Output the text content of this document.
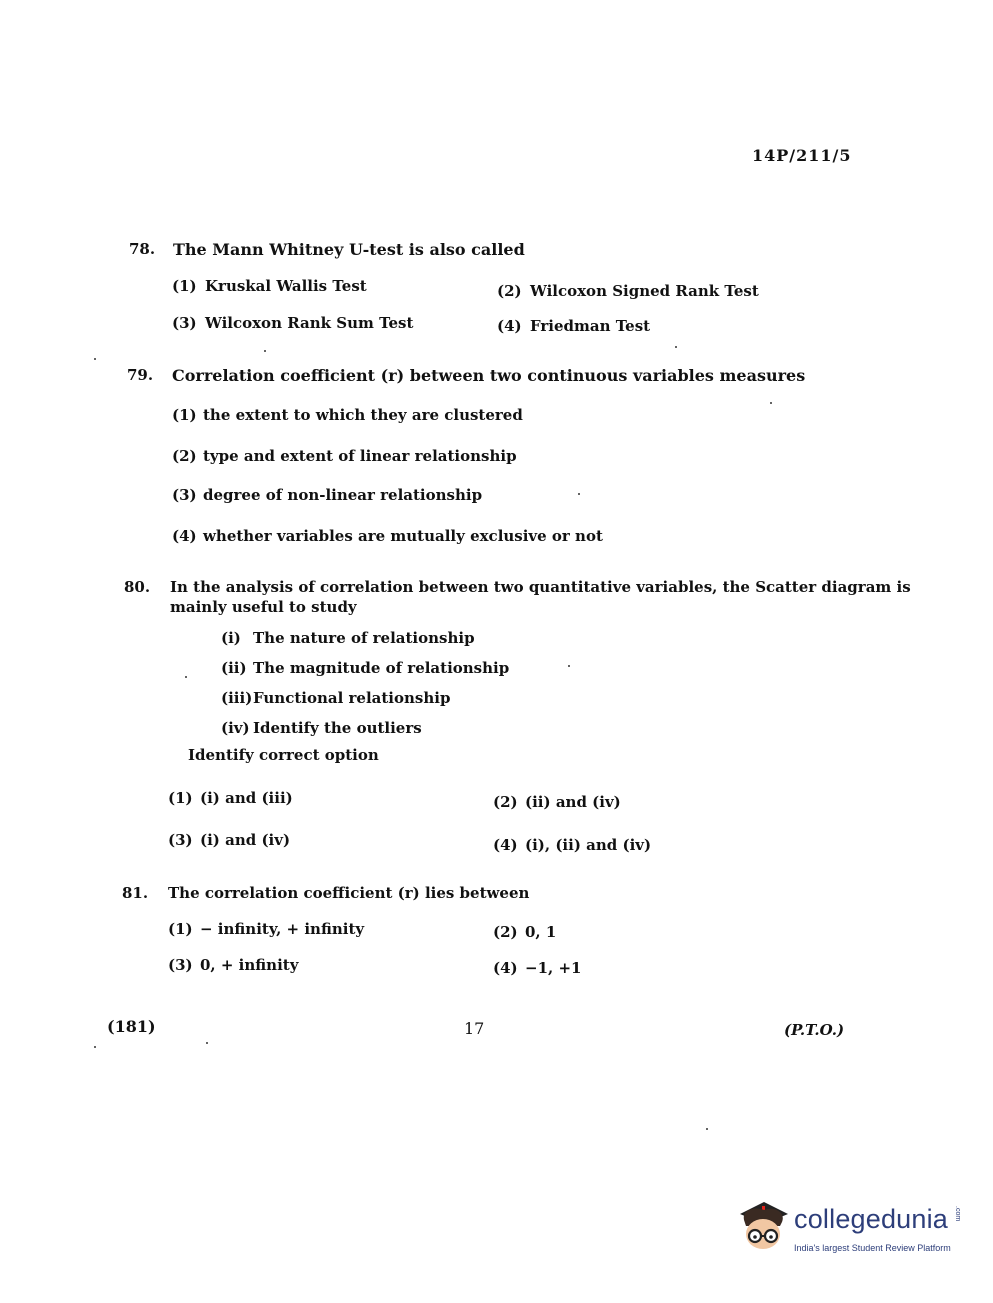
14P/211/5
78. The Mann Whitney U-test is also called
(1) Kruskal Wallis Test	(2) Wilcoxon Signed Rank Test
(3) Wilcoxon Rank Sum Test	(4) Friedman Test
79. Correlation coefficient (r) between two continuous variables measures
(1) the extent to which they are clustered
(2) type and extent of linear relationship
(3) degree of non-linear relationship
(4) whether variables are mutually exclusive or not
80. In the analysis of correlation between two quantitative variables, the Scatter diagram is
mainly useful to study
(i) The nature of relationship
(ii) The magnitude of relationship
(iii) Functional relationship
(iv) Identify the outliers
Identify correct option
(1) (i) and (iii)	(2) (ii) and (iv)
(3) (i) and (iv)	(4) (i), (ii) and (iv)
81. The correlation coefficient (r) lies between
(1) − infinity, + infinity	(2) 0, 1
(3) 0, + infinity	(4) −1, +1
(181)	17	(P.T.O.)
collegedunia .com
India's largest Student Review Platform
